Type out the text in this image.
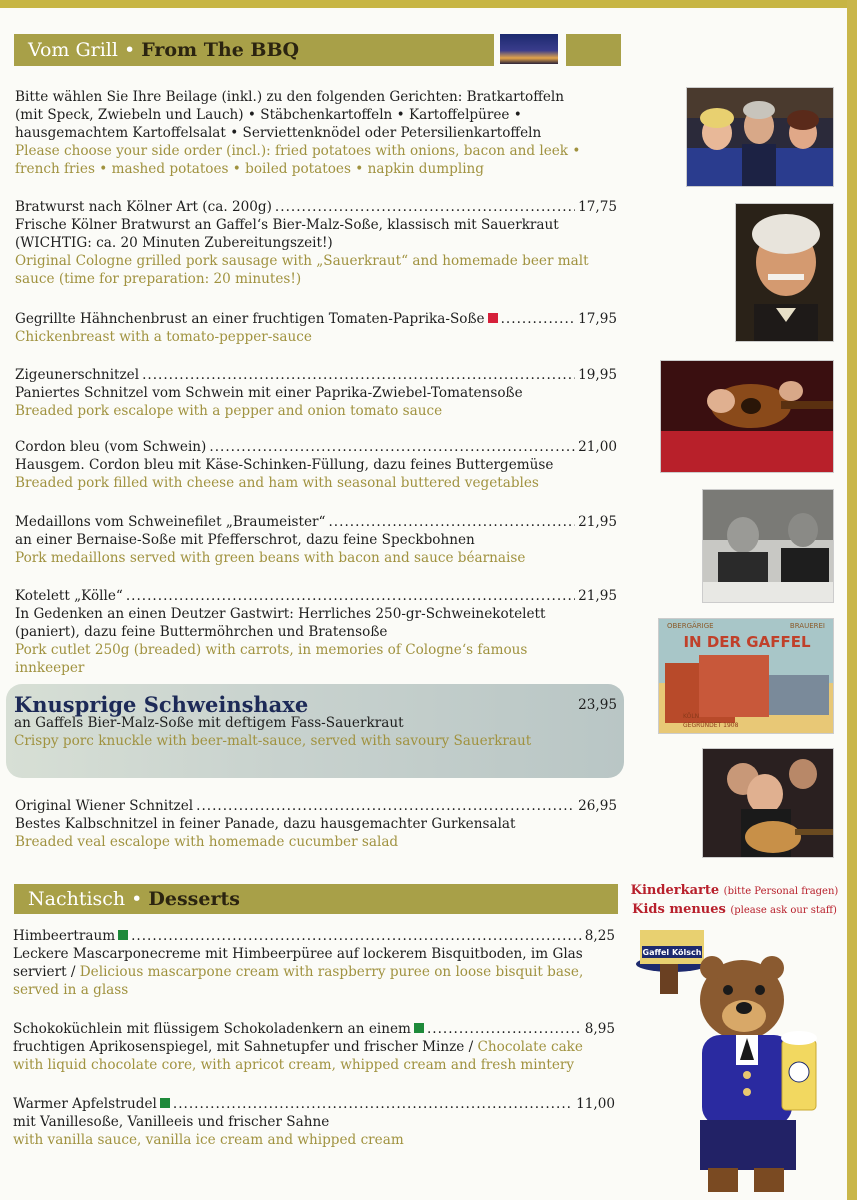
Vom Grill • From The BBQ
Bitte wählen Sie Ihre Beilage (inkl.) zu den folgenden Gerichten: Bratkartoffeln
(mit Speck, Zwiebeln und Lauch) • Stäbchenkartoffeln • Kartoffelpüree •
hausgemachtem Kartoffelsalat • Serviettenknödel oder Petersilienkartoffeln
Please choose your side order (incl.): fried potatoes with onions, bacon and leek •
french fries • mashed potatoes • boiled potatoes • napkin dumpling
Bratwurst nach Kölner Art (ca. 200g) .....	17,75
Frische Kölner Bratwurst an Gaffel‘s Bier-Malz-Soße, klassisch mit Sauerkraut
(WICHTIG: ca. 20 Minuten Zubereitungszeit!)
Original Cologne grilled pork sausage with „Sauerkraut“ and homemade beer malt
sauce (time for preparation: 20 minutes!)
Gegrillte Hähnchenbrust an einer fruchtigen Tomaten-Paprika-Soße .....	17,95
Chickenbreast with a tomato-pepper-sauce
Zigeunerschnitzel .....	19,95
Paniertes Schnitzel vom Schwein mit einer Paprika-Zwiebel-Tomatensoße
Breaded pork escalope with a pepper and onion tomato sauce
Cordon bleu (vom Schwein) .....	21,00
Hausgem. Cordon bleu mit Käse-Schinken-Füllung, dazu feines Buttergemüse
Breaded pork filled with cheese and ham with seasonal buttered vegetables
Medaillons vom Schweinefilet „Braumeister“ .....	21,95
an einer Bernaise-Soße mit Pfefferschrot, dazu feine Speckbohnen
Pork medaillons served with green beans with bacon and sauce béarnaise
Kotelett „Kölle“ .....	21,95
In Gedenken an einen Deutzer Gastwirt: Herrliches 250-gr-Schweinekotelett
(paniert), dazu feine Buttermöhrchen und Bratensoße
Pork cutlet 250g (breaded) with carrots, in memories of Cologne‘s famous
innkeeper
Knusprige Schweinshaxe	23,95
an Gaffels Bier-Malz-Soße mit deftigem Fass-Sauerkraut
Crispy porc knuckle with beer-malt-sauce, served with savoury Sauerkraut
Original Wiener Schnitzel .....	26,95
Bestes Kalbschnitzel in feiner Panade, dazu hausgemachter Gurkensalat
Breaded veal escalope with homemade cucumber salad
Nachtisch • Desserts
Himbeertraum .....	8,25
Leckere Mascarponecreme mit Himbeerpüree auf lockerem Bisquitboden, im Glas
serviert / Delicious mascarpone cream with raspberry puree on loose bisquit base,
served in a glass
Schokoküchlein mit flüssigem Schokoladenkern an einem .....	8,95
fruchtigen Aprikosenspiegel, mit Sahnetupfer und frischer Minze / Chocolate cake
with liquid chocolate core, with apricot cream, whipped cream and fresh mintery
Warmer Apfelstrudel .....	11,00
mit Vanillesoße, Vanilleeis und frischer Sahne
with vanilla sauce, vanilla ice cream and whipped cream
OBERGÄRIGE	BRAUEREI
IN DER GAFFEL
KÖLN
GEGRÜNDET 1908
Kinderkarte (bitte Personal fragen)
Kids menues (please ask our staff)
Gaffel Kölsch
